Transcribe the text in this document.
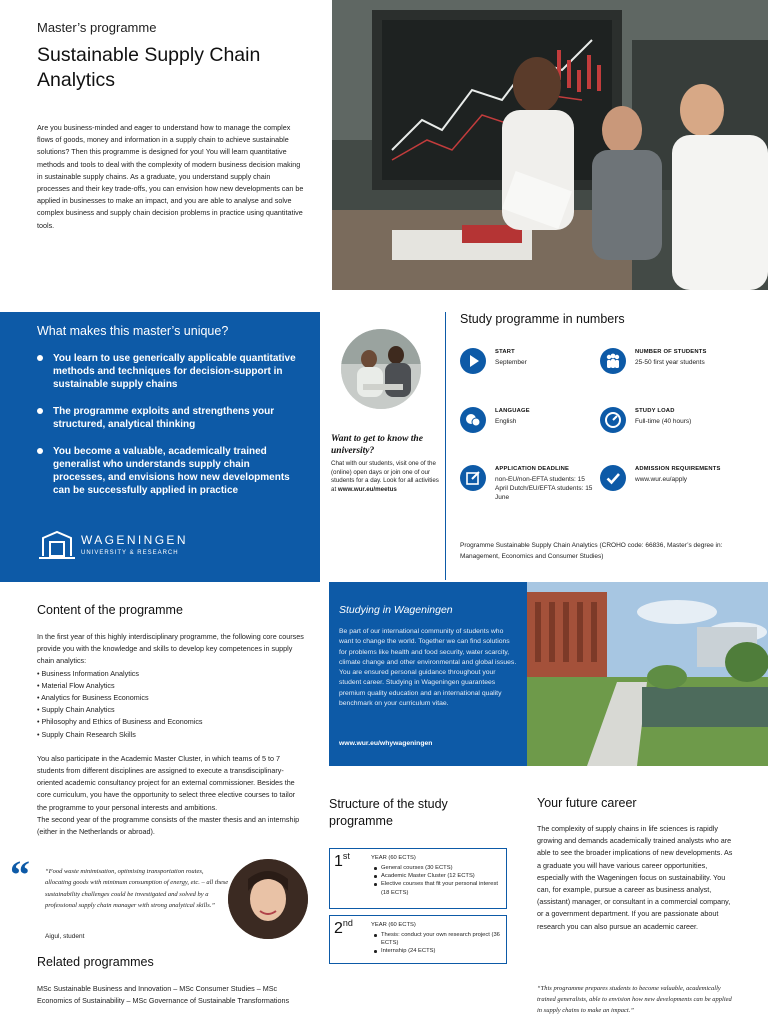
Master’s programme
Sustainable Supply Chain Analytics
Are you business-minded and eager to understand how to manage the complex flows of goods, money and information in a supply chain to achieve sustainable solutions? Then this programme is designed for you! You will learn quantitative methods and tools to deal with the complexity of modern business decision making in sustainable supply chains. As a graduate, you understand supply chain processes and their key trade-offs, you can envision how new developments can be applied in businesses to make an impact, and you are able to analyse and solve complex business and supply chain decision problems in practice using quantitative tools.
What makes this master’s unique?
You learn to use generically applicable quantitative methods and techniques for decision-support in sustainable supply chains
The programme exploits and strengthens your structured, analytical thinking
You become a valuable, academically trained generalist who understands supply chain processes, and envisions how new developments can be successfully applied in practice
WAGENINGEN
UNIVERSITY & RESEARCH
Want to get to know the university?
Chat with our students, visit one of the (online) open days or join one of our students for a day. Look for all activities at www.wur.eu/meetus
Study programme in numbers
START
September
NUMBER OF STUDENTS
25-50 first year students
LANGUAGE
English
STUDY LOAD
Full-time (40 hours)
APPLICATION DEADLINE
non-EU/non-EFTA students: 15 April Dutch/EU/EFTA students: 15 June
ADMISSION REQUIREMENTS
www.wur.eu/apply
Programme Sustainable Supply Chain Analytics (CROHO code: 66836, Master’s degree in: Management, Economics and Consumer Studies)
Content of the programme
In the first year of this highly interdisciplinary programme, the following core courses provide you with the knowledge and skills to develop key competences in supply chain analytics:
• Business Information Analytics
• Material Flow Analytics
• Analytics for Business Economics
• Supply Chain Analytics
• Philosophy and Ethics of Business and Economics
• Supply Chain Research Skills
You also participate in the Academic Master Cluster, in which teams of 5 to 7 students from different disciplines are assigned to execute a transdisciplinary-oriented academic consultancy project for an external commissioner. Besides the core curriculum, you have the opportunity to select three elective courses to tailor the programme to your personal interests and ambitions.
The second year of the programme consists of the master thesis and an internship (either in the Netherlands or abroad).
“ “Food waste minimisation, optimising transportation routes, allocating goods with minimum consumption of energy, etc. – all these sustainability challenges could be investigated and solved by a professional supply chain manager with strong analytical skills.”
Aigul, student
Related programmes
MSc Sustainable Business and Innovation – MSc Consumer Studies – MSc Economics of Sustainability – MSc Governance of Sustainable Transformations
Studying in Wageningen
Be part of our international community of students who want to change the world. Together we can find solutions for problems like health and food security, water scarcity, climate change and other environmental and global issues. You are ensured personal guidance throughout your student career. Studying in Wageningen guarantees premium quality education and an international quality benchmark on your curriculum vitae.
www.wur.eu/whywageningen
Structure of the study programme
1st	YEAR (60 ECTS)
General courses (30 ECTS)
Academic Master Cluster (12 ECTS)
Elective courses that fit your personal interest (18 ECTS)
2nd	YEAR (60 ECTS)
Thesis: conduct your own research project (36 ECTS)
Internship (24 ECTS)
Your future career
The complexity of supply chains in life sciences is rapidly growing and demands academically trained analysts who are able to see the broader implications of new developments. As a graduate you will have various career opportunities, especially with the Wageningen focus on sustainability. You can, for example, pursue a career as business analyst, (assistant) manager, or consultant in a commercial company, or a government department. If you are passionate about research you can also pursue an academic career.
“This programme prepares students to become valuable, academically trained generalists, able to envision how new developments can be applied in supply chains to make an impact.”
